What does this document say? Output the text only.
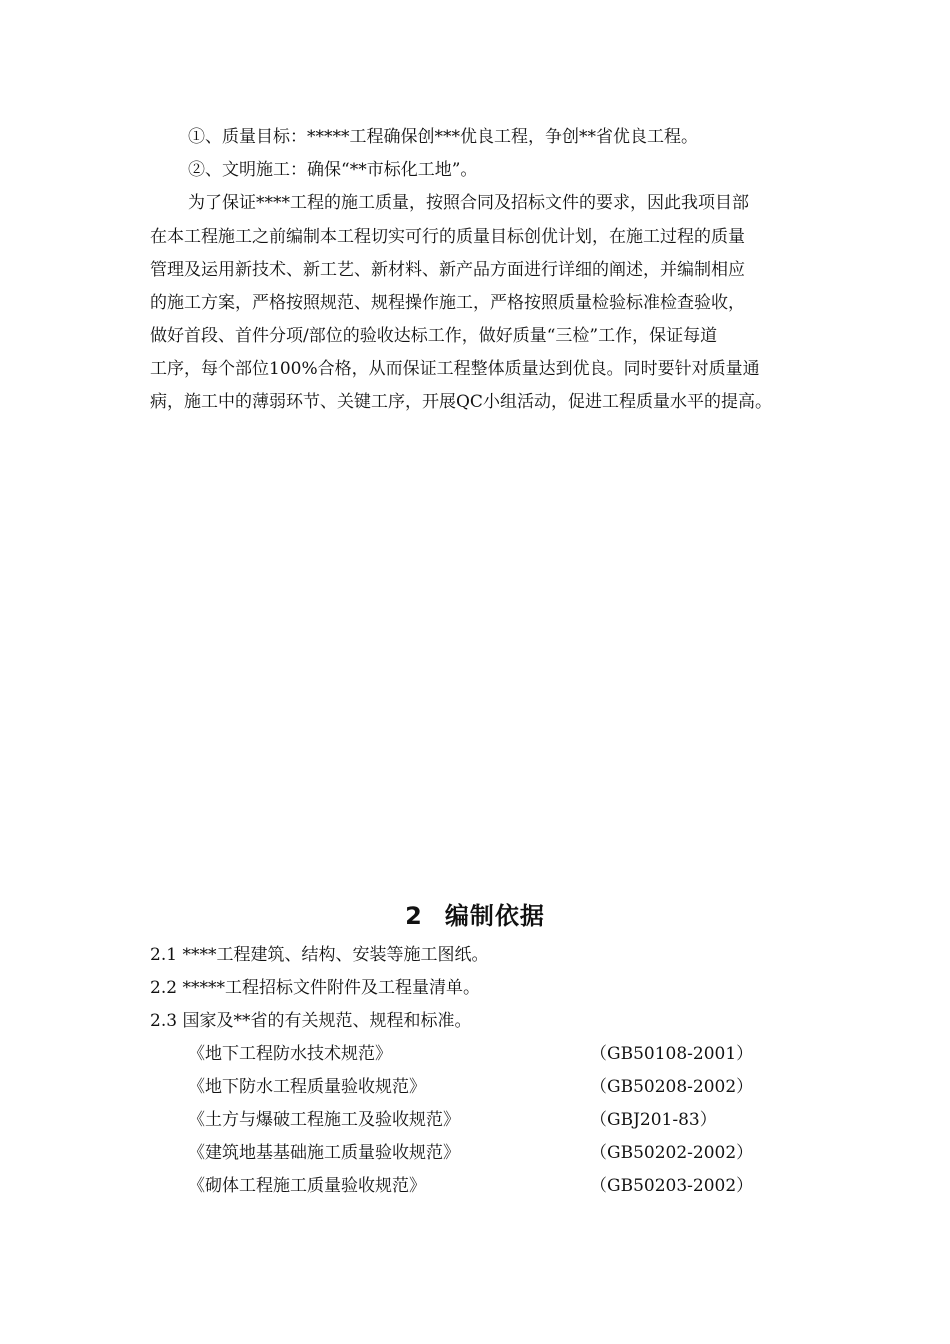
①、质量目标：*****工程确保创***优良工程，争创**省优良工程。
②、文明施工：确保“**市标化工地”。
为了保证****工程的施工质量，按照合同及招标文件的要求，因此我项目部
在本工程施工之前编制本工程切实可行的质量目标创优计划，在施工过程的质量
管理及运用新技术、新工艺、新材料、新产品方面进行详细的阐述，并编制相应
的施工方案，严格按照规范、规程操作施工，严格按照质量检验标准检查验收，
做好首段、首件分项/部位的验收达标工作，做好质量“三检”工作，保证每道
工序，每个部位100%合格，从而保证工程整体质量达到优良。同时要针对质量通
病，施工中的薄弱环节、关键工序，开展QC小组活动，促进工程质量水平的提高。
2 编制依据
2.1 ****工程建筑、结构、安装等施工图纸。
2.2 *****工程招标文件附件及工程量清单。
2.3 国家及**省的有关规范、规程和标准。
《地下工程防水技术规范》	（GB50108-2001）
《地下防水工程质量验收规范》	（GB50208-2002）
《土方与爆破工程施工及验收规范》	（GBJ201-83）
《建筑地基基础施工质量验收规范》	（GB50202-2002）
《砌体工程施工质量验收规范》	（GB50203-2002）
